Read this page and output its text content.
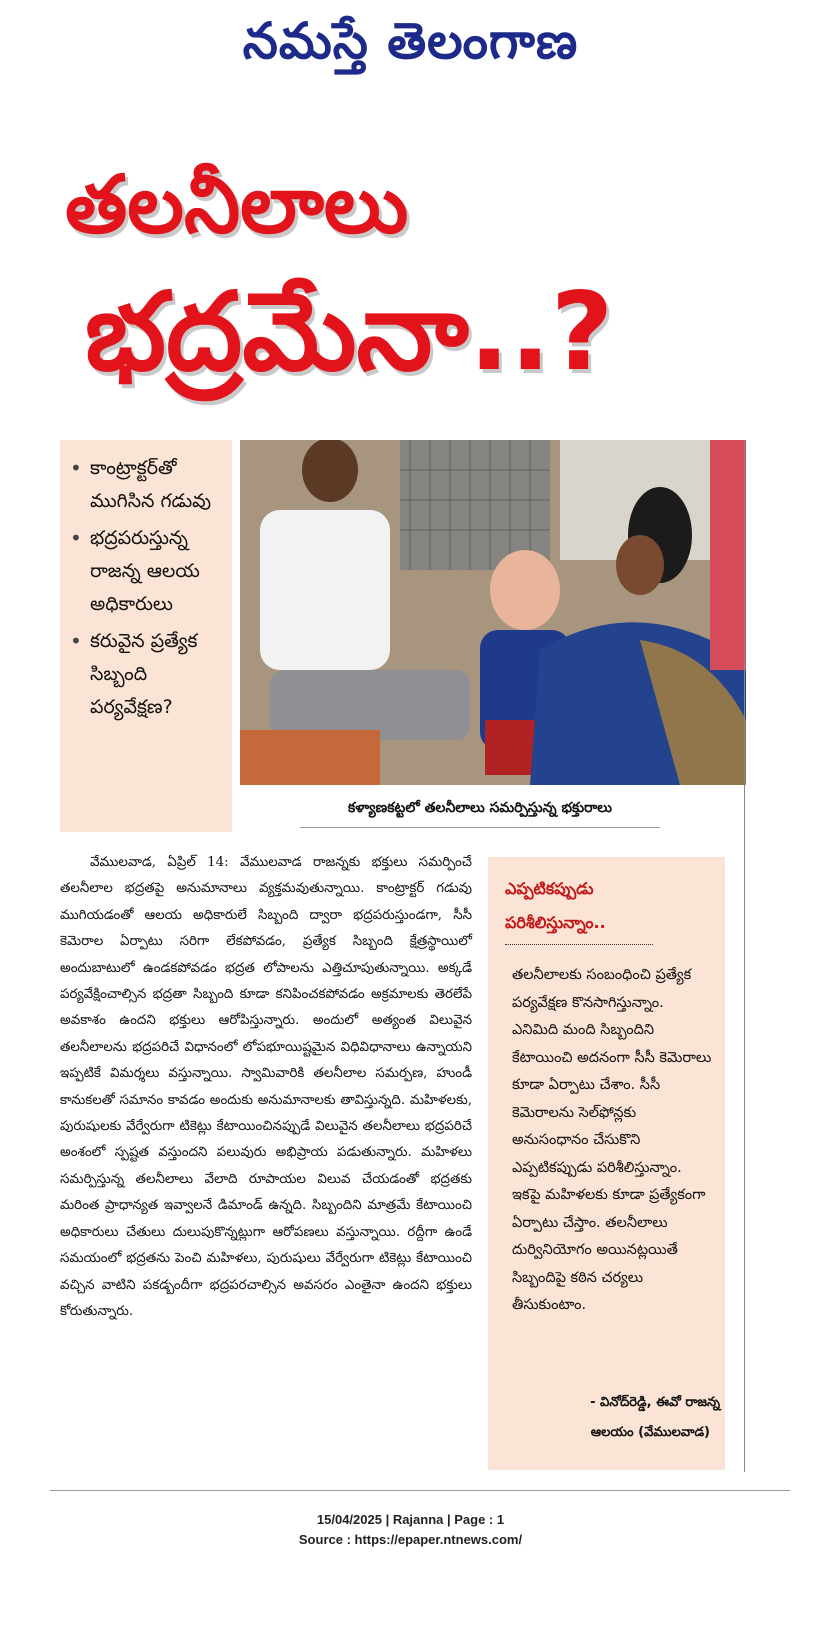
నమస్తే తెలంగాణ
తలనీలాలు
భద్రమేనా..?
• కాంట్రాక్టర్‌తో ముగిసిన గడువు
• భద్రపరుస్తున్న రాజన్న ఆలయ అధికారులు
• కరువైన ప్రత్యేక సిబ్బంది పర్యవేక్షణ?
కళ్యాణకట్టలో తలనీలాలు సమర్పిస్తున్న భక్తురాలు
వేములవాడ, ఏప్రిల్ 14: వేములవాడ రాజన్నకు భక్తులు సమర్పించే తలనీలాల భద్రతపై అనుమానాలు వ్యక్తమవుతున్నాయి. కాంట్రాక్టర్ గడువు ముగియడంతో ఆలయ అధికారులే సిబ్బంది ద్వారా భద్రపరుస్తుండగా, సీసీ కెమెరాల ఏర్పాటు సరిగా లేకపోవడం, ప్రత్యేక సిబ్బంది క్షేత్రస్థాయిలో అందుబాటులో ఉండకపోవడం భద్రత లోపాలను ఎత్తిచూపుతున్నాయి. అక్కడే పర్యవేక్షించాల్సిన భద్రతా సిబ్బంది కూడా కనిపించకపోవడం అక్రమాలకు తెరలేపే అవకాశం ఉందని భక్తులు ఆరోపిస్తున్నారు. అందులో అత్యంత విలువైన తలనీలాలను భద్రపరిచే విధానంలో లోపభూయిష్టమైన విధివిధానాలు ఉన్నాయని ఇప్పటికే విమర్శలు వస్తున్నాయి. స్వామివారికి తలనీలాల సమర్పణ, హుండీ కానుకలతో సమానం కావడం అందుకు అనుమానాలకు తావిస్తున్నది. మహిళలకు, పురుషులకు వేర్వేరుగా టికెట్లు కేటాయించినప్పుడే విలువైన తలనీలాలు భద్రపరిచే అంశంలో స్పష్టత వస్తుందని పలువురు అభిప్రాయ పడుతున్నారు. మహిళలు సమర్పిస్తున్న తలనీలాలు వేలాది రూపాయల విలువ చేయడంతో భద్రతకు మరింత ప్రాధాన్యత ఇవ్వాలనే డిమాండ్ ఉన్నది. సిబ్బందిని మాత్రమే కేటాయించి అధికారులు చేతులు దులుపుకొన్నట్లుగా ఆరోపణలు వస్తున్నాయి. రద్దీగా ఉండే సమయంలో భద్రతను పెంచి మహిళలు, పురుషులు వేర్వేరుగా టికెట్లు కేటాయించి వచ్చిన వాటిని పకడ్బందీగా భద్రపరచాల్సిన అవసరం ఎంతైనా ఉందని భక్తులు కోరుతున్నారు.
ఎప్పటికప్పుడు పరిశీలిస్తున్నాం..
తలనీలాలకు సంబంధించి ప్రత్యేక పర్యవేక్షణ కొనసాగిస్తున్నాం. ఎనిమిది మంది సిబ్బందిని కేటాయించి అదనంగా సీసీ కెమెరాలు కూడా ఏర్పాటు చేశాం. సీసీ కెమెరాలను సెల్‌ఫోన్లకు అనుసంధానం చేసుకొని ఎప్పటికప్పుడు పరిశీలిస్తున్నాం. ఇకపై మహిళలకు కూడా ప్రత్యేకంగా ఏర్పాటు చేస్తాం. తలనీలాలు దుర్వినియోగం అయినట్లయితే సిబ్బందిపై కఠిన చర్యలు తీసుకుంటాం.
- వినోద్‌రెడ్డి, ఈవో రాజన్న
ఆలయం (వేములవాడ)
15/04/2025 | Rajanna | Page : 1
Source : https://epaper.ntnews.com/
